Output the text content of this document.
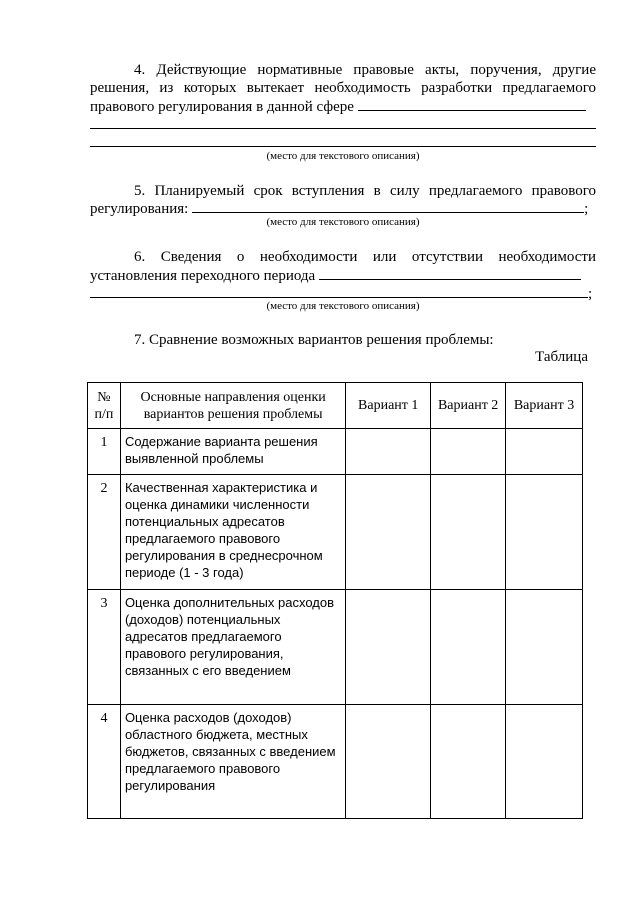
4. Действующие нормативные правовые акты, поручения, другие
решения, из которых вытекает необходимость разработки предлагаемого
правового регулирования в данной сфере
(место для текстового описания)
5. Планируемый срок вступления в силу предлагаемого правового
регулирования:	;
(место для текстового описания)
6. Сведения о необходимости или отсутствии необходимости
установления переходного периода
;
(место для текстового описания)
7. Сравнение возможных вариантов решения проблемы:
Таблица
№ п/п	Основные направления оценки вариантов решения проблемы	Вариант 1	Вариант 2	Вариант 3
1	Содержание варианта решения выявленной проблемы			
2	Качественная характеристика и оценка динамики численности потенциальных адресатов предлагаемого правового регулирования в среднесрочном периоде (1 - 3 года)			
3	Оценка дополнительных расходов (доходов) потенциальных адресатов предлагаемого правового регулирования, связанных с его введением			
4	Оценка расходов (доходов) областного бюджета, местных бюджетов, связанных с введением предлагаемого правового регулирования			
